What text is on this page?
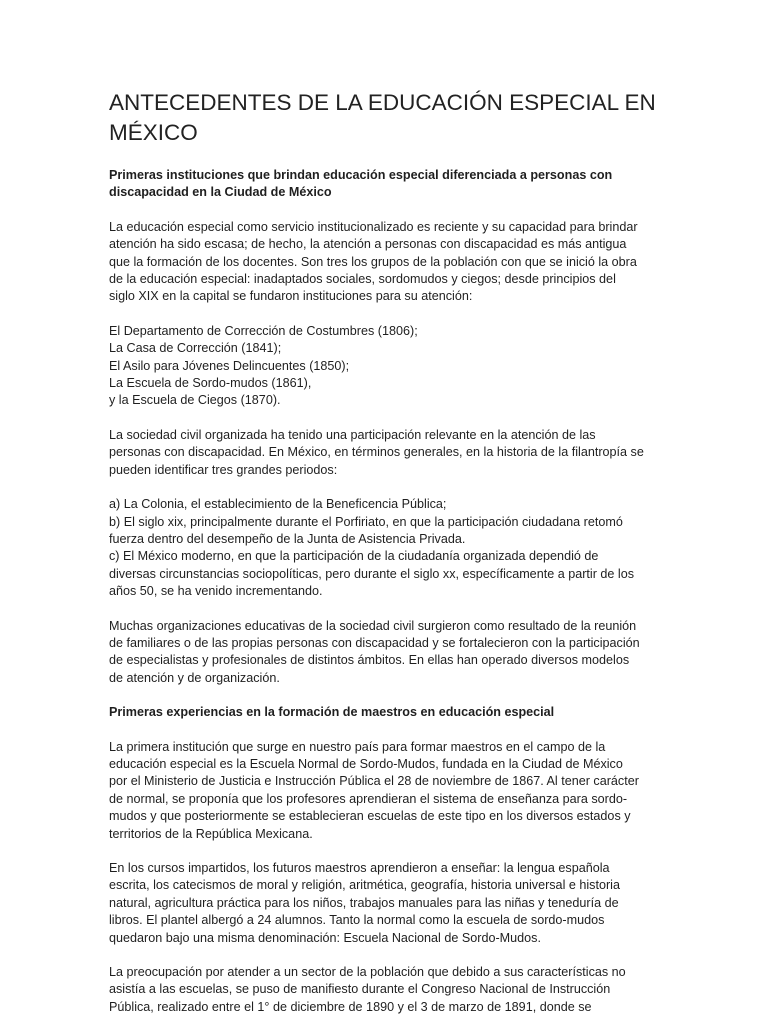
ANTECEDENTES DE LA EDUCACIÓN ESPECIAL EN
MÉXICO
Primeras instituciones que brindan educación especial diferenciada a personas con
discapacidad en la Ciudad de México

La educación especial como servicio institucionalizado es reciente y su capacidad para brindar
atención ha sido escasa; de hecho, la atención a personas con discapacidad es más antigua
que la formación de los docentes. Son tres los grupos de la población con que se inició la obra
de la educación especial: inadaptados sociales, sordomudos y ciegos; desde principios del
siglo XIX en la capital se fundaron instituciones para su atención:

El Departamento de Corrección de Costumbres (1806);
La Casa de Corrección (1841);
El Asilo para Jóvenes Delincuentes (1850);
La Escuela de Sordo-mudos (1861),
y la Escuela de Ciegos (1870).

La sociedad civil organizada ha tenido una participación relevante en la atención de las
personas con discapacidad. En México, en términos generales, en la historia de la filantropía se
pueden identificar tres grandes periodos:

a) La Colonia, el establecimiento de la Beneficencia Pública;
b) El siglo xix, principalmente durante el Porfiriato, en que la participación ciudadana retomó
fuerza dentro del desempeño de la Junta de Asistencia Privada.
c) El México moderno, en que la participación de la ciudadanía organizada dependió de
diversas circunstancias sociopolíticas, pero durante el siglo xx, específicamente a partir de los
años 50, se ha venido incrementando.

Muchas organizaciones educativas de la sociedad civil surgieron como resultado de la reunión
de familiares o de las propias personas con discapacidad y se fortalecieron con la participación
de especialistas y profesionales de distintos ámbitos. En ellas han operado diversos modelos
de atención y de organización.

Primeras experiencias en la formación de maestros en educación especial

La primera institución que surge en nuestro país para formar maestros en el campo de la
educación especial es la Escuela Normal de Sordo-Mudos, fundada en la Ciudad de México
por el Ministerio de Justicia e Instrucción Pública el 28 de noviembre de 1867. Al tener carácter
de normal, se proponía que los profesores aprendieran el sistema de enseñanza para sordo-
mudos y que posteriormente se establecieran escuelas de este tipo en los diversos estados y
territorios de la República Mexicana.

En los cursos impartidos, los futuros maestros aprendieron a enseñar: la lengua española
escrita, los catecismos de moral y religión, aritmética, geografía, historia universal e historia
natural, agricultura práctica para los niños, trabajos manuales para las niñas y teneduría de
libros. El plantel albergó a 24 alumnos. Tanto la normal como la escuela de sordo-mudos
quedaron bajo una misma denominación: Escuela Nacional de Sordo-Mudos.

La preocupación por atender a un sector de la población que debido a sus características no
asistía a las escuelas, se puso de manifiesto durante el Congreso Nacional de Instrucción
Pública, realizado entre el 1° de diciembre de 1890 y el 3 de marzo de 1891, donde se
